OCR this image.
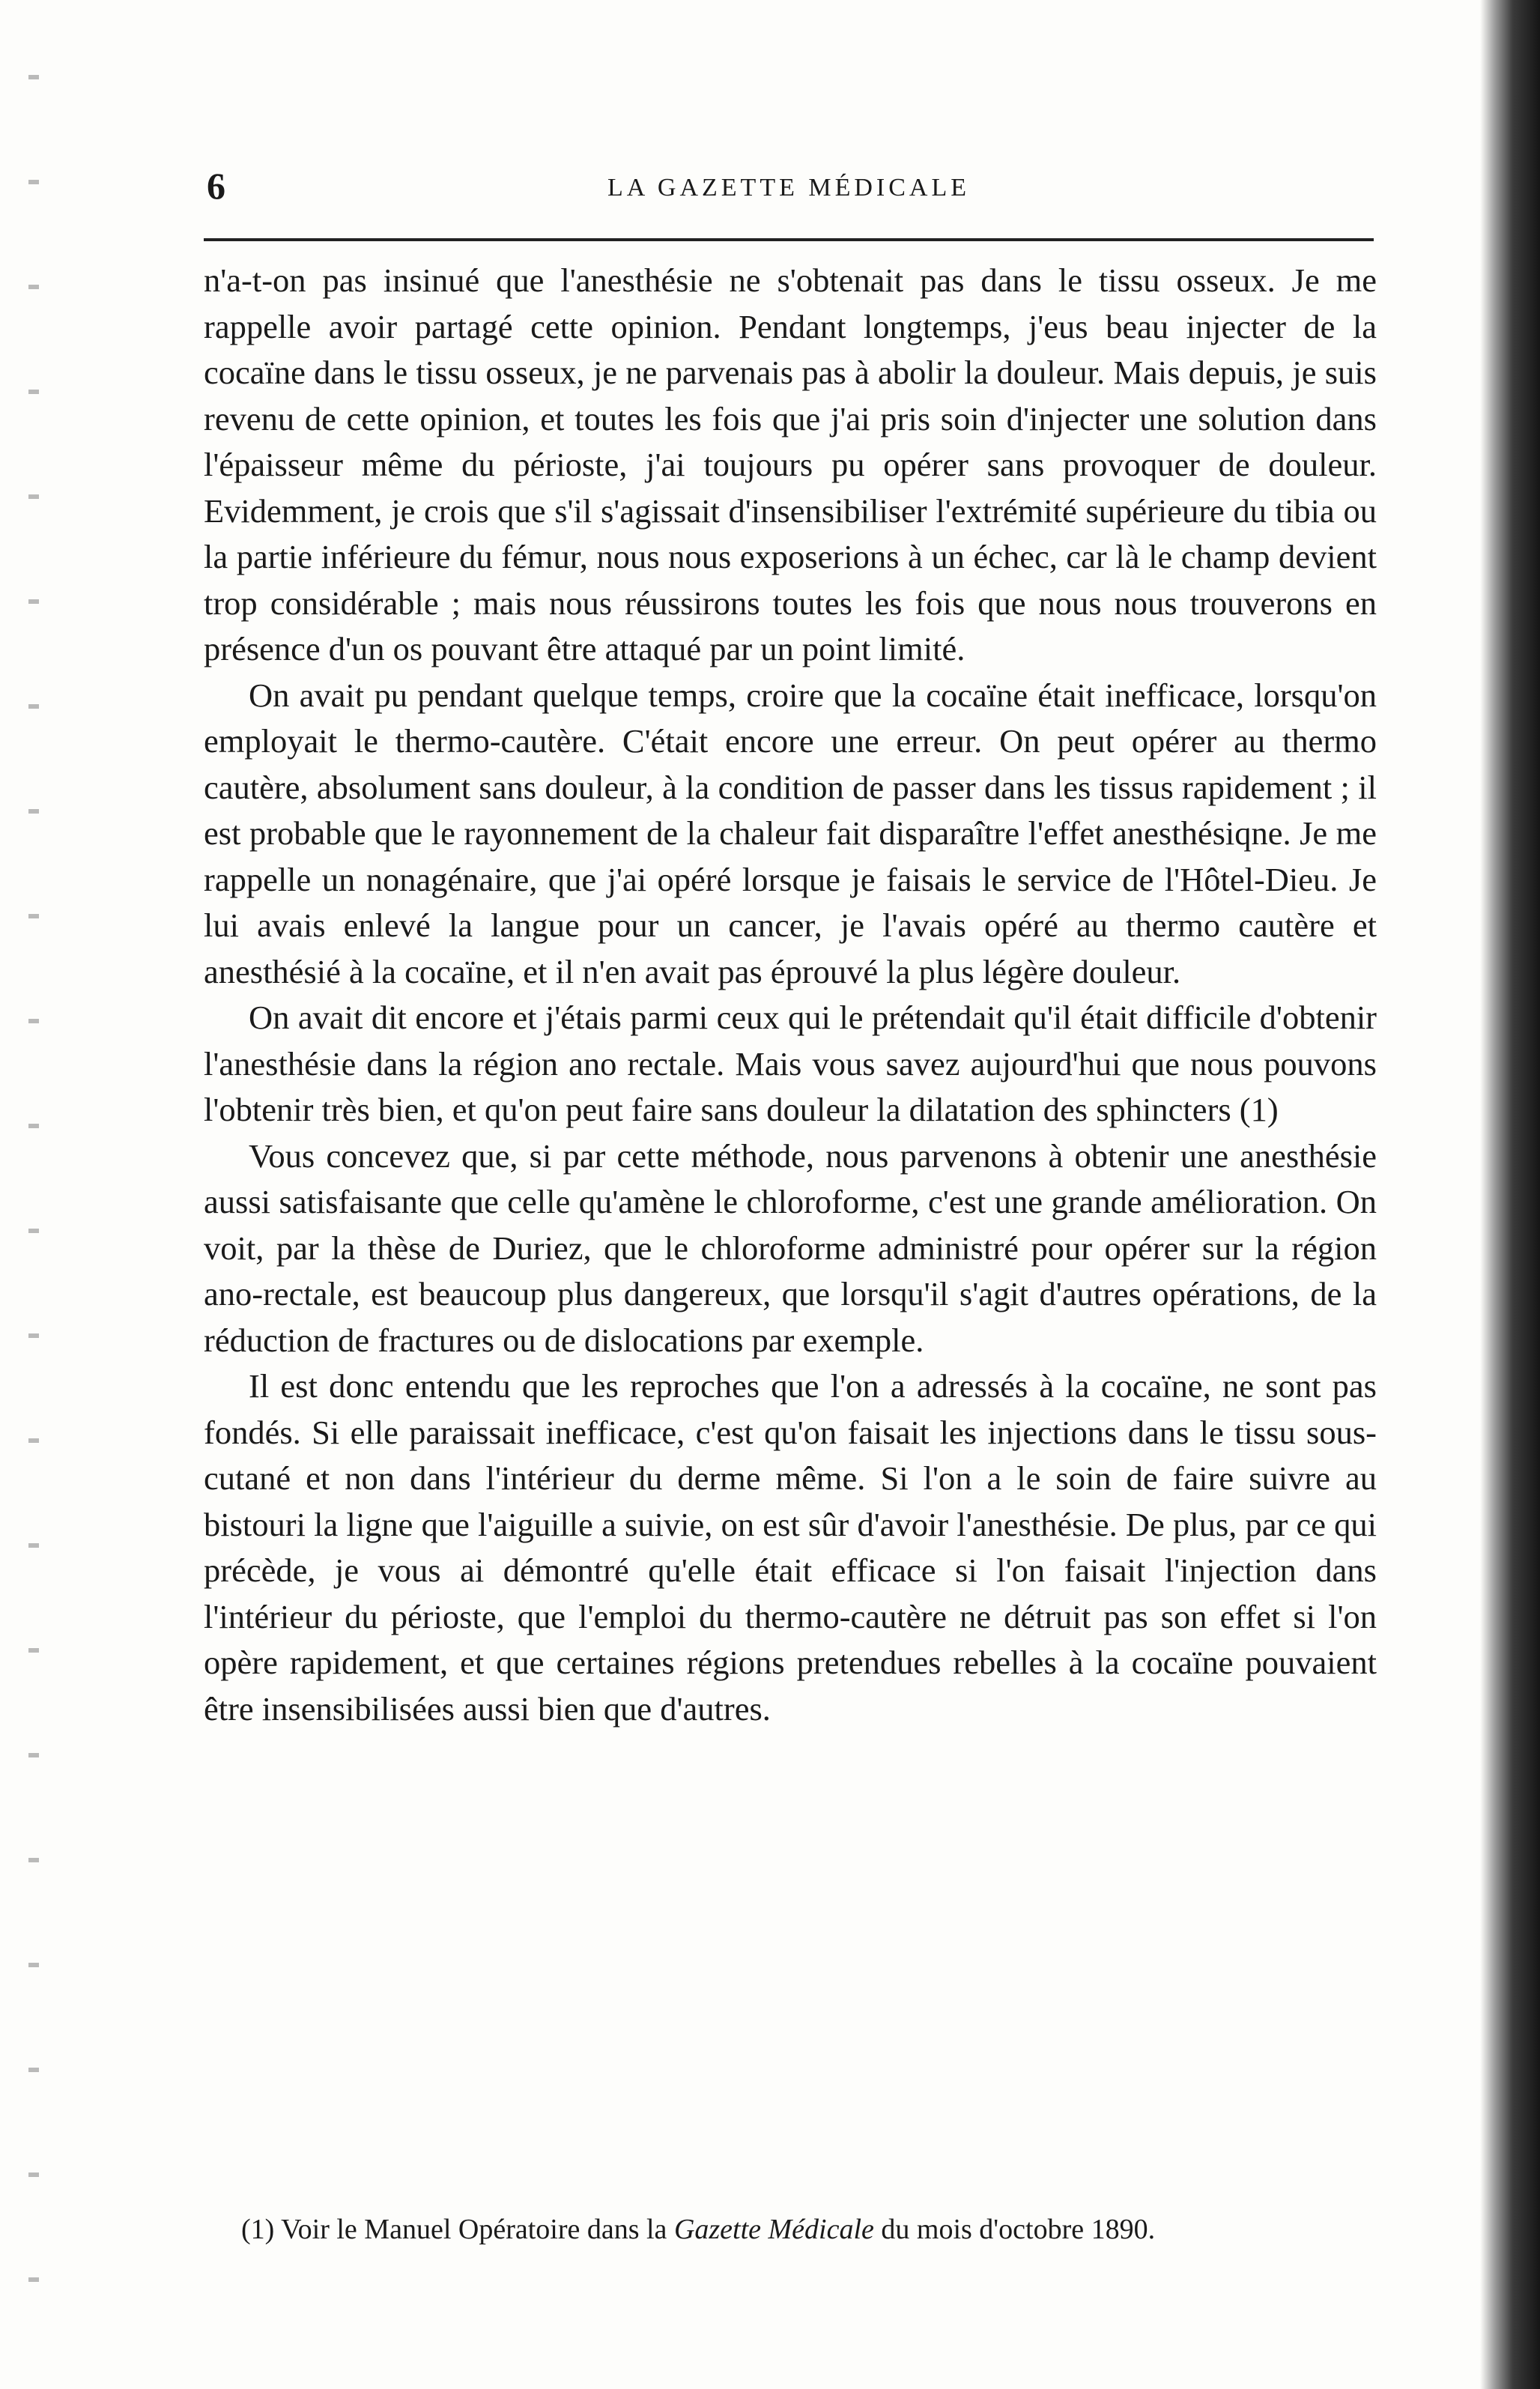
6	LA GAZETTE MÉDICALE

n'a-t-on pas insinué que l'anesthésie ne s'obtenait pas dans le tissu osseux. Je me rappelle avoir partagé cette opinion. Pendant longtemps, j'eus beau injecter de la cocaïne dans le tissu osseux, je ne parvenais pas à abolir la douleur. Mais depuis, je suis revenu de cette opinion, et toutes les fois que j'ai pris soin d'injecter une solution dans l'épaisseur même du périoste, j'ai toujours pu opérer sans provoquer de douleur. Evidemment, je crois que s'il s'agissait d'insensibiliser l'extrémité supérieure du tibia ou la partie inférieure du fémur, nous nous exposerions à un échec, car là le champ devient trop considérable ; mais nous réussirons toutes les fois que nous nous trouverons en présence d'un os pouvant être attaqué par un point limité.

On avait pu pendant quelque temps, croire que la cocaïne était inefficace, lorsqu'on employait le thermo-cautère. C'était encore une erreur. On peut opérer au thermo cautère, absolument sans douleur, à la condition de passer dans les tissus rapidement ; il est probable que le rayonnement de la chaleur fait disparaître l'effet anesthésiqne. Je me rappelle un nonagénaire, que j'ai opéré lorsque je faisais le service de l'Hôtel-Dieu. Je lui avais enlevé la langue pour un cancer, je l'avais opéré au thermo cautère et anesthésié à la cocaïne, et il n'en avait pas éprouvé la plus légère douleur.

On avait dit encore et j'étais parmi ceux qui le prétendait qu'il était difficile d'obtenir l'anesthésie dans la région ano rectale. Mais vous savez aujourd'hui que nous pouvons l'obtenir très bien, et qu'on peut faire sans douleur la dilatation des sphincters (1)

Vous concevez que, si par cette méthode, nous parvenons à obtenir une anesthésie aussi satisfaisante que celle qu'amène le chloroforme, c'est une grande amélioration. On voit, par la thèse de Duriez, que le chloroforme administré pour opérer sur la région ano-rectale, est beaucoup plus dangereux, que lorsqu'il s'agit d'autres opérations, de la réduction de fractures ou de dislocations par exemple.

Il est donc entendu que les reproches que l'on a adressés à la cocaïne, ne sont pas fondés. Si elle paraissait inefficace, c'est qu'on faisait les injections dans le tissu sous-cutané et non dans l'intérieur du derme même. Si l'on a le soin de faire suivre au bistouri la ligne que l'aiguille a suivie, on est sûr d'avoir l'anesthésie. De plus, par ce qui précède, je vous ai démontré qu'elle était efficace si l'on faisait l'injection dans l'intérieur du périoste, que l'emploi du thermo-cautère ne détruit pas son effet si l'on opère rapidement, et que certaines régions pretendues rebelles à la cocaïne pouvaient être insensibilisées aussi bien que d'autres.

(1) Voir le Manuel Opératoire dans la Gazette Médicale du mois d'octobre 1890.
